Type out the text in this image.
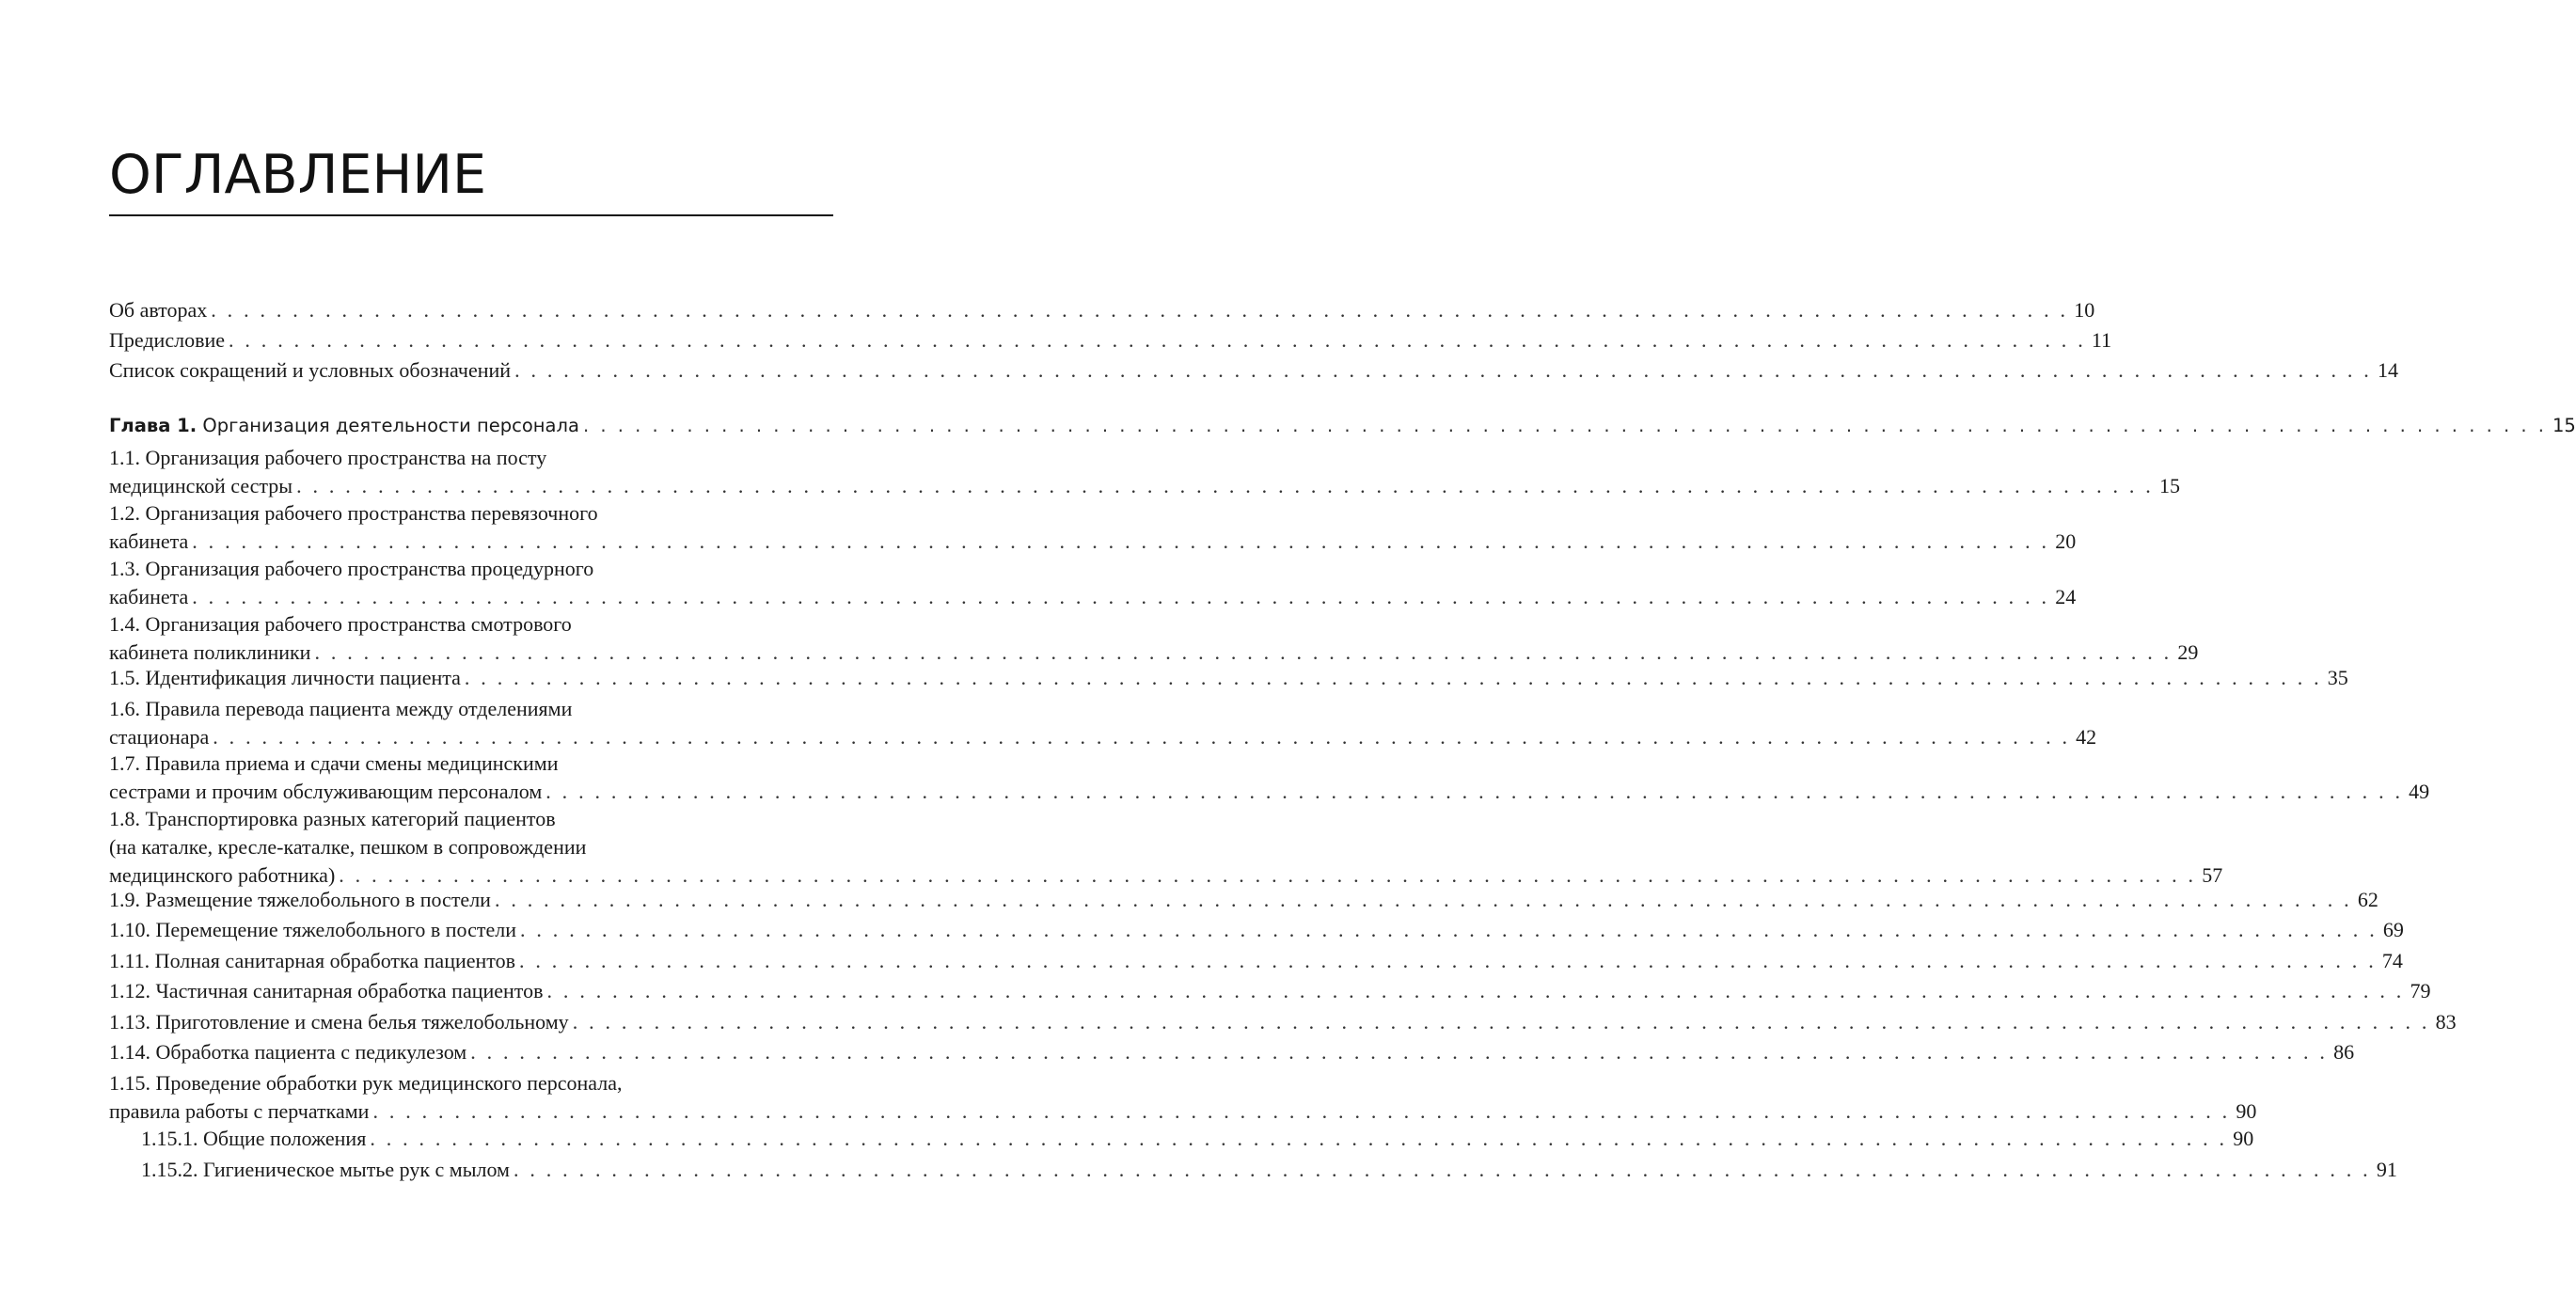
ОГЛАВЛЕНИЕ
Об авторах . . . . . . . . . . . . . . . . . . . . . . . . . . . . . . . . . . . . . . . . . . . . . . . . . . . . . . . . . . . . . . . . . . . . . . . . . . . . . . . . . . . . . . . . . . . . . . . . . . . . . . . . . . . . . . . . . . 10
Предисловие . . . . . . . . . . . . . . . . . . . . . . . . . . . . . . . . . . . . . . . . . . . . . . . . . . . . . . . . . . . . . . . . . . . . . . . . . . . . . . . . . . . . . . . . . . . . . . . . . . . . . . . . . . . . . . . . . . 11
Список сокращений и условных обозначений . . . . . . . . . . . . . . . . . . . . . . . . . . . . . . . . . . . . . . . . . . . . . . . . . . . . . . . . . . . . . . . . . . . . . . . . . . . . . . . . . . . . . . . . . . . . . . . . . . . . . . . . . . . . . . . . . . 14
Глава 1. Организация деятельности персонала . . . . . . . . . . . . . . . . . . . . . . . . . . . . . . . . . . . . . . . . . . . . . . . . . . . . . . . . . . . . . . . . . . . . . . . . . . . . . . . . . . . . . . . . . . . . . . . . . . . . . . . . . . . . . . . . . . 15
1.1. Организация рабочего пространства на посту
медицинской сестры . . . . . . . . . . . . . . . . . . . . . . . . . . . . . . . . . . . . . . . . . . . . . . . . . . . . . . . . . . . . . . . . . . . . . . . . . . . . . . . . . . . . . . . . . . . . . . . . . . . . . . . . . . . . . . . . . . 15
1.2. Организация рабочего пространства перевязочного
кабинета . . . . . . . . . . . . . . . . . . . . . . . . . . . . . . . . . . . . . . . . . . . . . . . . . . . . . . . . . . . . . . . . . . . . . . . . . . . . . . . . . . . . . . . . . . . . . . . . . . . . . . . . . . . . . . . . . . 20
1.3. Организация рабочего пространства процедурного
кабинета . . . . . . . . . . . . . . . . . . . . . . . . . . . . . . . . . . . . . . . . . . . . . . . . . . . . . . . . . . . . . . . . . . . . . . . . . . . . . . . . . . . . . . . . . . . . . . . . . . . . . . . . . . . . . . . . . . 24
1.4. Организация рабочего пространства смотрового
кабинета поликлиники . . . . . . . . . . . . . . . . . . . . . . . . . . . . . . . . . . . . . . . . . . . . . . . . . . . . . . . . . . . . . . . . . . . . . . . . . . . . . . . . . . . . . . . . . . . . . . . . . . . . . . . . . . . . . . . . . . 29
1.5. Идентификация личности пациента . . . . . . . . . . . . . . . . . . . . . . . . . . . . . . . . . . . . . . . . . . . . . . . . . . . . . . . . . . . . . . . . . . . . . . . . . . . . . . . . . . . . . . . . . . . . . . . . . . . . . . . . . . . . . . . . . . 35
1.6. Правила перевода пациента между отделениями
стационара . . . . . . . . . . . . . . . . . . . . . . . . . . . . . . . . . . . . . . . . . . . . . . . . . . . . . . . . . . . . . . . . . . . . . . . . . . . . . . . . . . . . . . . . . . . . . . . . . . . . . . . . . . . . . . . . . . 42
1.7. Правила приема и сдачи смены медицинскими
сестрами и прочим обслуживающим персоналом . . . . . . . . . . . . . . . . . . . . . . . . . . . . . . . . . . . . . . . . . . . . . . . . . . . . . . . . . . . . . . . . . . . . . . . . . . . . . . . . . . . . . . . . . . . . . . . . . . . . . . . . . . . . . . . . . . 49
1.8. Транспортировка разных категорий пациентов
(на каталке, кресле-каталке, пешком в сопровождении
медицинского работника) . . . . . . . . . . . . . . . . . . . . . . . . . . . . . . . . . . . . . . . . . . . . . . . . . . . . . . . . . . . . . . . . . . . . . . . . . . . . . . . . . . . . . . . . . . . . . . . . . . . . . . . . . . . . . . . . . . 57
1.9. Размещение тяжелобольного в постели . . . . . . . . . . . . . . . . . . . . . . . . . . . . . . . . . . . . . . . . . . . . . . . . . . . . . . . . . . . . . . . . . . . . . . . . . . . . . . . . . . . . . . . . . . . . . . . . . . . . . . . . . . . . . . . . . . 62
1.10. Перемещение тяжелобольного в постели . . . . . . . . . . . . . . . . . . . . . . . . . . . . . . . . . . . . . . . . . . . . . . . . . . . . . . . . . . . . . . . . . . . . . . . . . . . . . . . . . . . . . . . . . . . . . . . . . . . . . . . . . . . . . . . . . . 69
1.11. Полная санитарная обработка пациентов . . . . . . . . . . . . . . . . . . . . . . . . . . . . . . . . . . . . . . . . . . . . . . . . . . . . . . . . . . . . . . . . . . . . . . . . . . . . . . . . . . . . . . . . . . . . . . . . . . . . . . . . . . . . . . . . . . 74
1.12. Частичная санитарная обработка пациентов . . . . . . . . . . . . . . . . . . . . . . . . . . . . . . . . . . . . . . . . . . . . . . . . . . . . . . . . . . . . . . . . . . . . . . . . . . . . . . . . . . . . . . . . . . . . . . . . . . . . . . . . . . . . . . . . . . 79
1.13. Приготовление и смена белья тяжелобольному . . . . . . . . . . . . . . . . . . . . . . . . . . . . . . . . . . . . . . . . . . . . . . . . . . . . . . . . . . . . . . . . . . . . . . . . . . . . . . . . . . . . . . . . . . . . . . . . . . . . . . . . . . . . . . . . . . 83
1.14. Обработка пациента с педикулезом . . . . . . . . . . . . . . . . . . . . . . . . . . . . . . . . . . . . . . . . . . . . . . . . . . . . . . . . . . . . . . . . . . . . . . . . . . . . . . . . . . . . . . . . . . . . . . . . . . . . . . . . . . . . . . . . . . 86
1.15. Проведение обработки рук медицинского персонала,
правила работы с перчатками . . . . . . . . . . . . . . . . . . . . . . . . . . . . . . . . . . . . . . . . . . . . . . . . . . . . . . . . . . . . . . . . . . . . . . . . . . . . . . . . . . . . . . . . . . . . . . . . . . . . . . . . . . . . . . . . . . 90
1.15.1. Общие положения . . . . . . . . . . . . . . . . . . . . . . . . . . . . . . . . . . . . . . . . . . . . . . . . . . . . . . . . . . . . . . . . . . . . . . . . . . . . . . . . . . . . . . . . . . . . . . . . . . . . . . . . . . . . . . . . . . 90
1.15.2. Гигиеническое мытье рук с мылом . . . . . . . . . . . . . . . . . . . . . . . . . . . . . . . . . . . . . . . . . . . . . . . . . . . . . . . . . . . . . . . . . . . . . . . . . . . . . . . . . . . . . . . . . . . . . . . . . . . . . . . . . . . . . . . . . . 91
